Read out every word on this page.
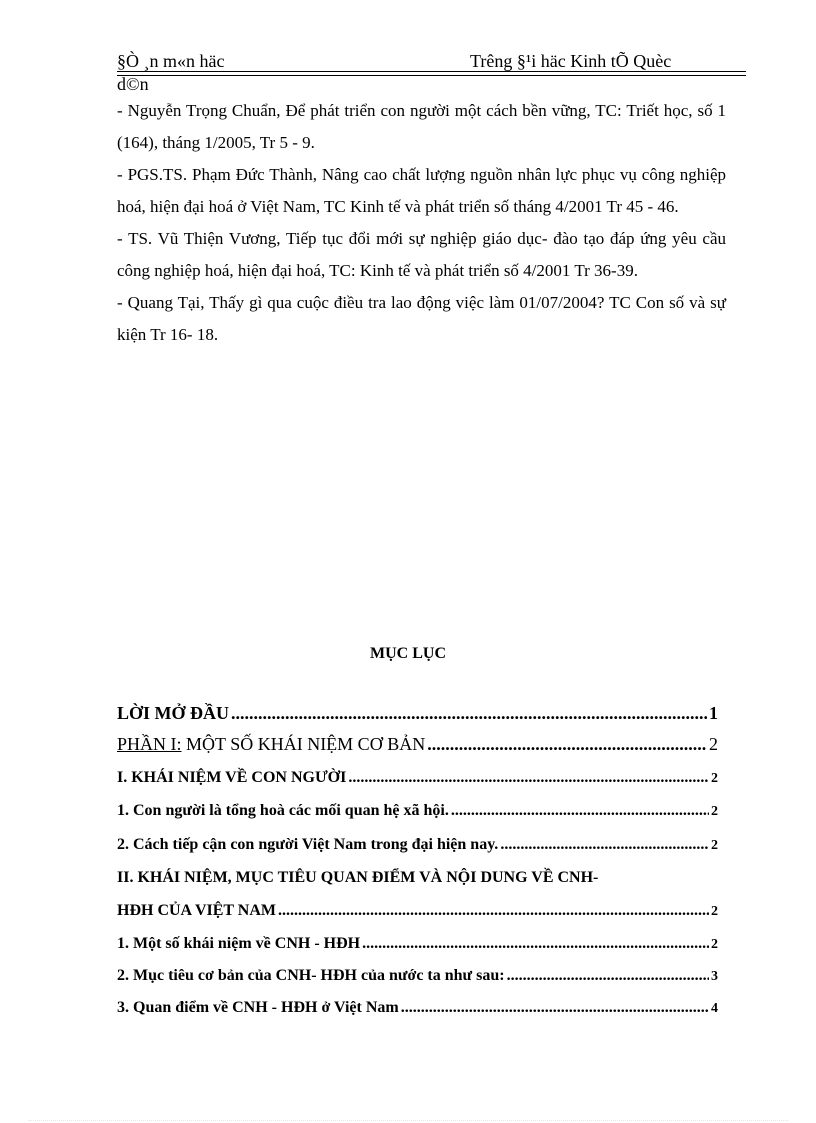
§Ò ¸n m«n häc	Trêng §¹i häc Kinh tÕ Quèc
d©n

- Nguyễn Trọng Chuẩn, Để phát triển con người một cách bền vững, TC: Triết học, số 1 (164), tháng 1/2005, Tr 5 - 9.

- PGS.TS. Phạm Đức Thành, Nâng cao chất lượng nguồn nhân lực phục vụ công nghiệp hoá, hiện đại hoá ở Việt Nam, TC Kinh tế và phát triển số tháng 4/2001 Tr 45 - 46.

- TS. Vũ Thiện Vương, Tiếp tục đổi mới sự nghiệp giáo dục- đào tạo đáp ứng yêu cầu công nghiệp hoá, hiện đại hoá, TC: Kinh tế và phát triển số 4/2001 Tr 36-39.

- Quang Tại, Thấy gì qua cuộc điều tra lao động việc làm 01/07/2004? TC Con số và sự kiện Tr 16- 18.

MỤC LỤC
LỜI MỞ ĐẦU .....	1
PHẦN I: MỘT SỐ KHÁI NIỆM CƠ BẢN .....	2
I. KHÁI NIỆM VỀ CON NGƯỜI .....	2
1. Con người là tổng hoà các mối quan hệ xã hội. .....	2
2. Cách tiếp cận con người Việt Nam trong đại hiện nay. .....	2
II. KHÁI NIỆM, MỤC TIÊU QUAN ĐIỂM VÀ NỘI DUNG VỀ CNH-
HĐH CỦA VIỆT NAM .....	2
1. Một số khái niệm về CNH - HĐH .....	2
2. Mục tiêu cơ bản của CNH- HĐH của nước ta như sau: .....	3
3. Quan điểm về CNH - HĐH ở Việt Nam .....	4
